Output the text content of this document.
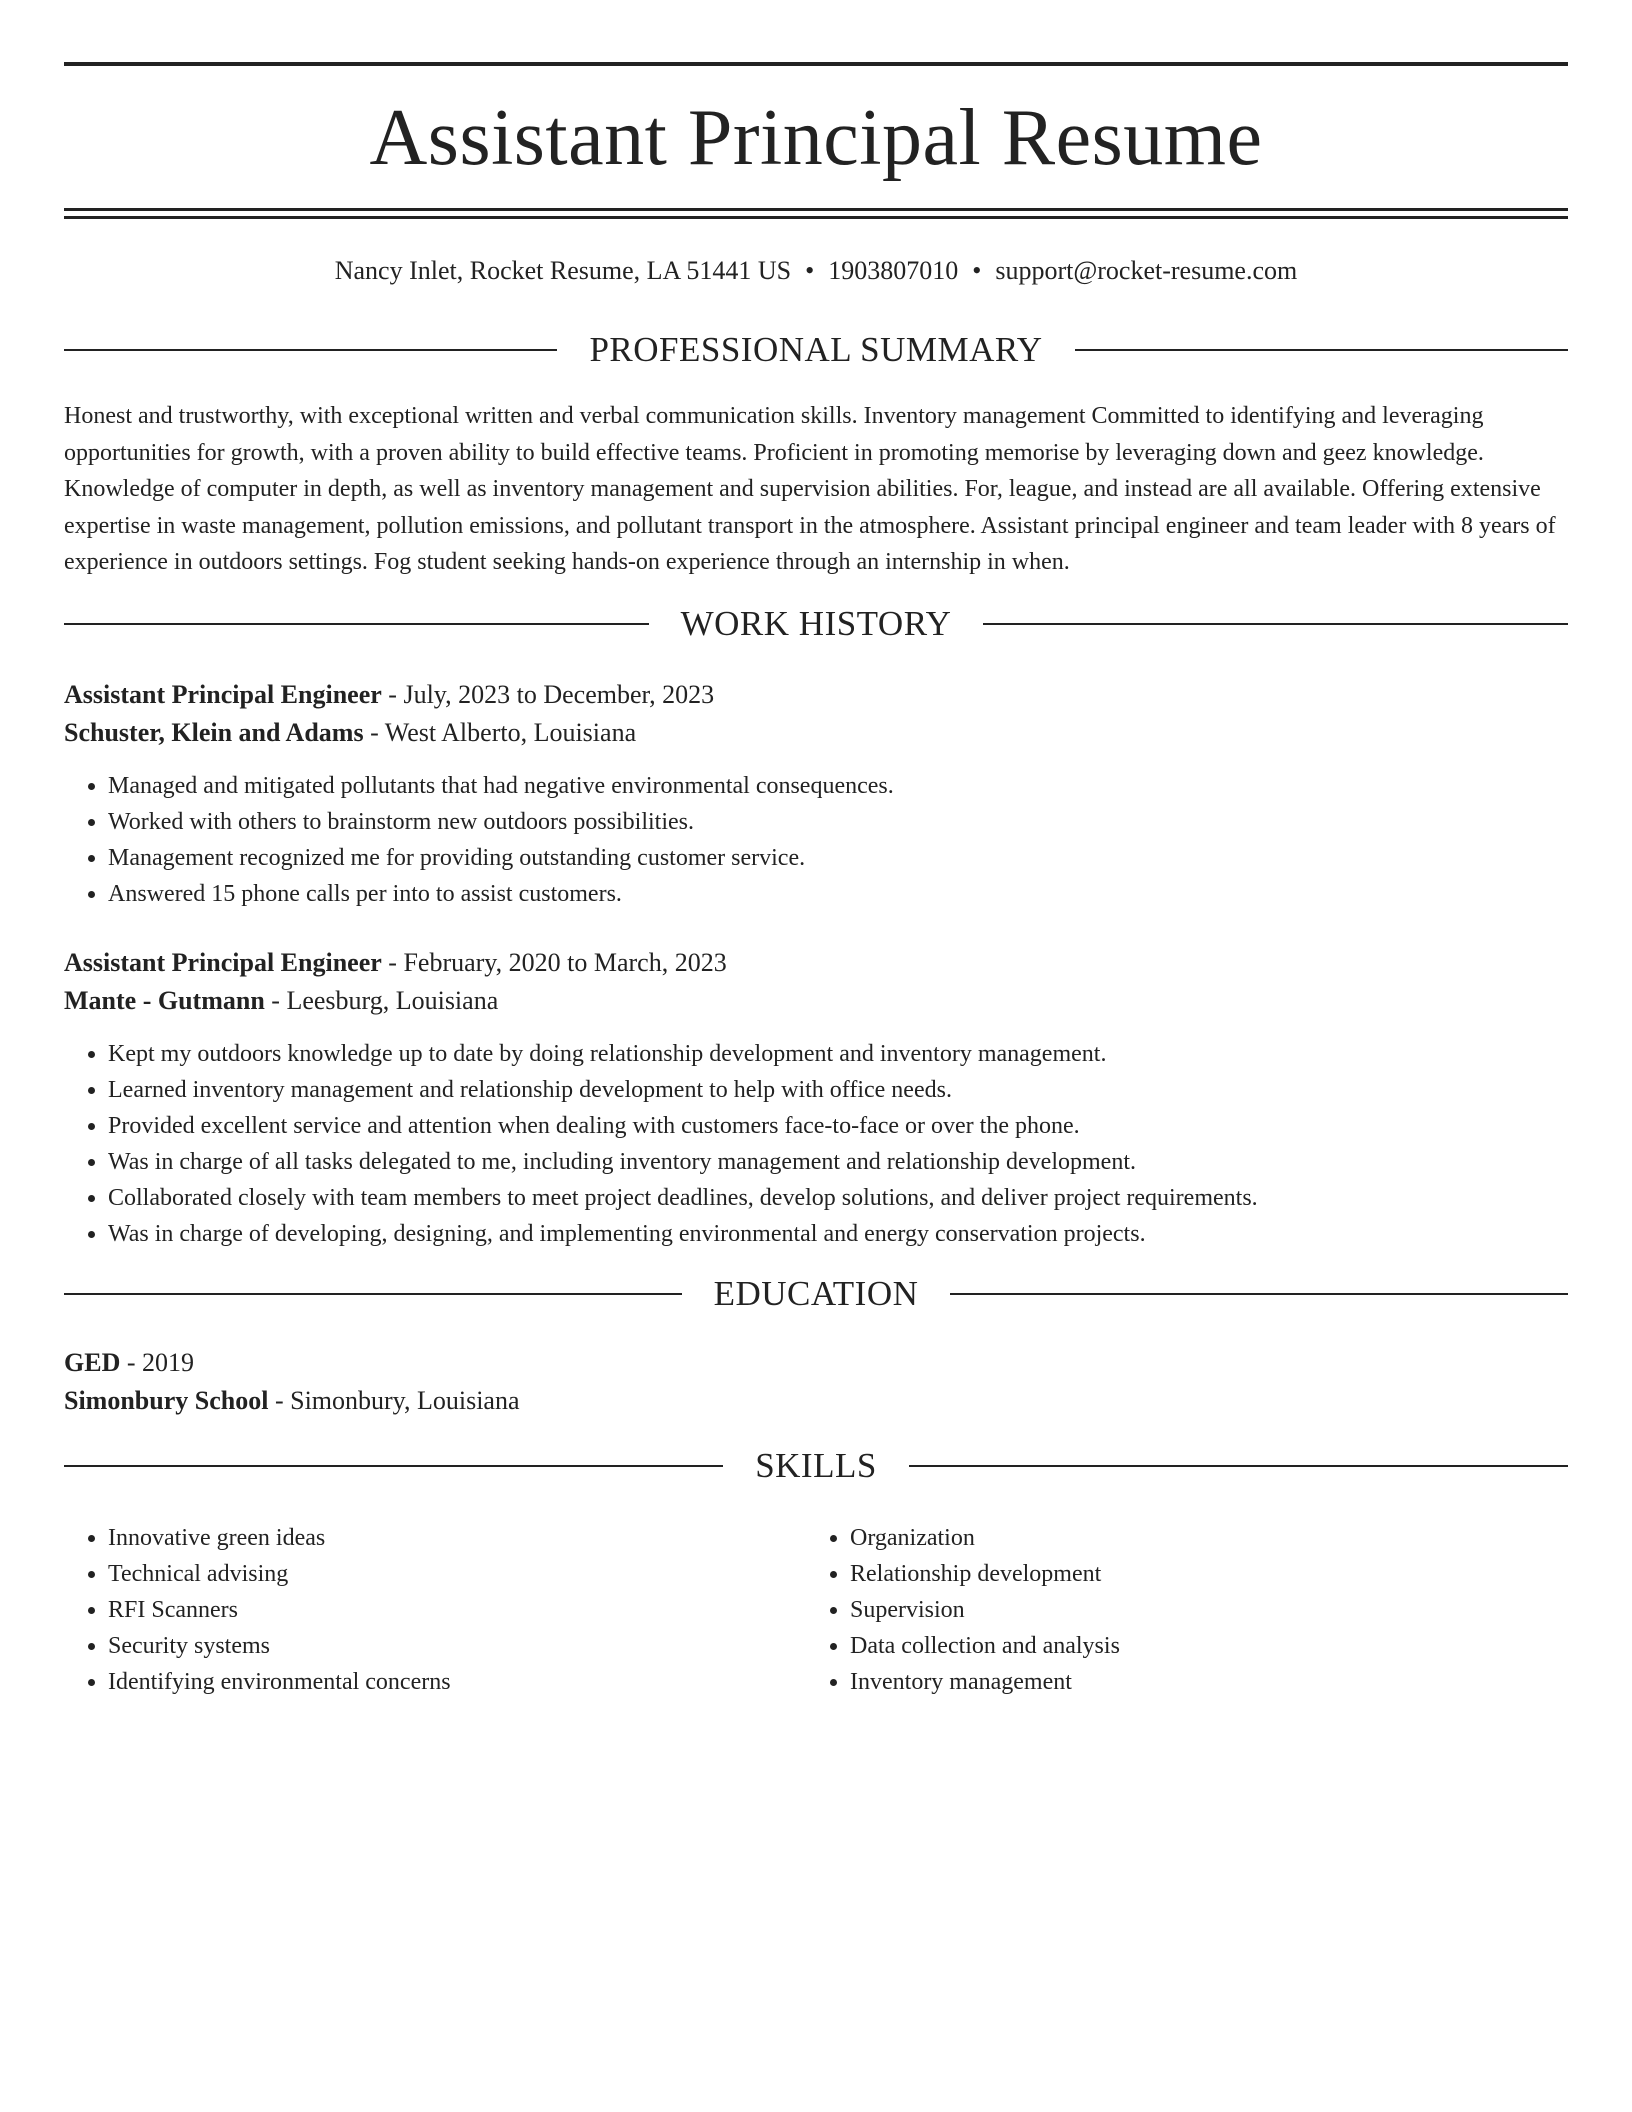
Assistant Principal Resume
Nancy Inlet, Rocket Resume, LA 51441 US • 1903807010 • support@rocket-resume.com
PROFESSIONAL SUMMARY

Honest and trustworthy, with exceptional written and verbal communication skills. Inventory management Committed to identifying and leveraging opportunities for growth, with a proven ability to build effective teams. Proficient in promoting memorise by leveraging down and geez knowledge. Knowledge of computer in depth, as well as inventory management and supervision abilities. For, league, and instead are all available. Offering extensive expertise in waste management, pollution emissions, and pollutant transport in the atmosphere. Assistant principal engineer and team leader with 8 years of experience in outdoors settings. Fog student seeking hands-on experience through an internship in when.

WORK HISTORY
Assistant Principal Engineer - July, 2023 to December, 2023
Schuster, Klein and Adams - West Alberto, Louisiana
• Managed and mitigated pollutants that had negative environmental consequences.
• Worked with others to brainstorm new outdoors possibilities.
• Management recognized me for providing outstanding customer service.
• Answered 15 phone calls per into to assist customers.
Assistant Principal Engineer - February, 2020 to March, 2023
Mante - Gutmann - Leesburg, Louisiana
• Kept my outdoors knowledge up to date by doing relationship development and inventory management.
• Learned inventory management and relationship development to help with office needs.
• Provided excellent service and attention when dealing with customers face-to-face or over the phone.
• Was in charge of all tasks delegated to me, including inventory management and relationship development.
• Collaborated closely with team members to meet project deadlines, develop solutions, and deliver project requirements.
• Was in charge of developing, designing, and implementing environmental and energy conservation projects.
EDUCATION
GED - 2019
Simonbury School - Simonbury, Louisiana
SKILLS
• Innovative green ideas
• Technical advising
• RFI Scanners
• Security systems
• Identifying environmental concerns
• Organization
• Relationship development
• Supervision
• Data collection and analysis
• Inventory management
